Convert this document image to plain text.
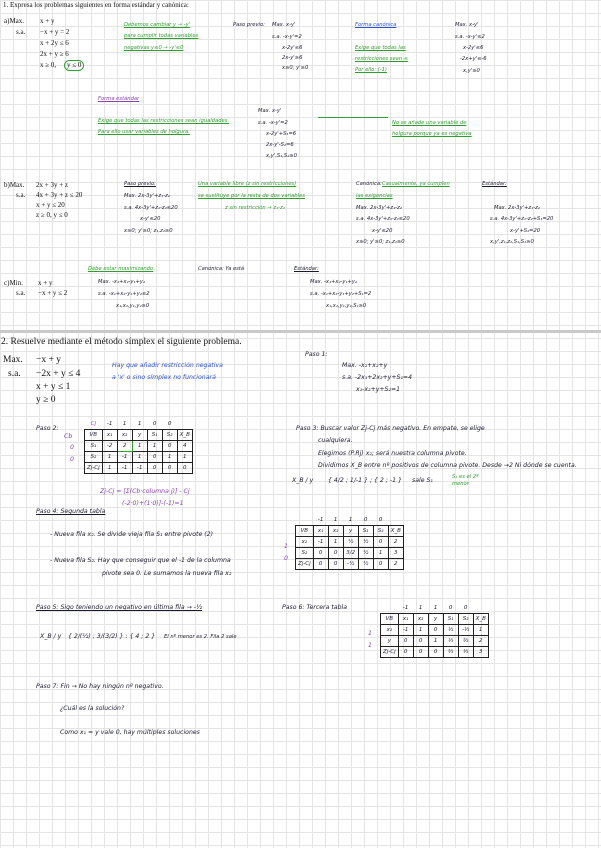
1. Expresa los problemas siguientes en forma estándar y canónica:
a)Max. x + y
s.a. −x + y = 2
x + 2y ≤ 6
2x + y ≥ 6
x ≥ 0,	y ≤ 0
Debemos cambiar y → -y'
para cumplir todas variables
negativas y≤0 → -y'≤0
Paso previo: Max. x-y'
s.a. -x-y'=2
x-2y'≤6
2x-y'≥6
x≥0; y'≥0
Forma canónica
Exige que todas las
restricciones sean ≤
Por ello: (-1)
Max. x-y'
s.a. -x-y'≤2
x-2y'≤6
-2x+y'≤-6
x,y'≥0
Forma estándar
Exige que todas las restricciones sean igualdades.
Para ello usar variables de holgura.
Max. x-y'
s.a. -x-y'=2
x-2y'+S₁=6
2x-y'-S₂=6
x,y',S₁,S₂≥0
No se añade una variable de
holgura porque ya es negativa
b)Max. 2x + 3y + z
s.a. 4x + 3y + z ≤ 20
x + y ≤ 20
z ≥ 0, y ≤ 0
Paso previo:
Max. 2x-3y'+z₁-z₂
s.a. 4x-3y'+z₁-z₂≤20
x-y'≤20
x≥0; y'≥0; z₁,z₂≥0
Una variable libre (z sin restricciones)
se sustituye por la resta de dos variables
z sin restricción → z₁-z₂
Canónica: Casualmente, ya cumplen
las exigencias
Max. 2x-3y'+z₁-z₂
s.a. 4x-3y'+z₁-z₂≤20
x-y'≤20
x≥0; y'≥0; z₁,z₂≥0
Estándar:
Max. 2x-3y'+z₁-z₂
s.a. 4x-3y'+z₁-z₂+S₁=20
x-y'+S₂=20
x,y',z₁,z₂,S₁,S₂≥0
c)Min. x + y
s.a. −x + y ≤ 2
Debe estar maximizando
Max. -x₁+x₂-y₁+y₂
s.a. -x₁+x₂-y₁+y₂≤2
x₁,x₂,y₁,y₂≥0
Canónica: Ya está	Estándar:
Max. -x₁+x₂-y₁+y₂
s.a. -x₁+x₂-y₁+y₂+S₁=2
x₁,x₂,y₁,y₂,S₁≥0
2. Resuelve mediante el método símplex el siguiente problema.
Max. −x + y
s.a. −2x + y ≤ 4
x + y ≤ 1
y ≥ 0
Hay que añadir restricción negativa
a 'x' o sino símplex no funcionará
Paso 1:
Max. -x₁+x₂+y
s.a. -2x₁+2x₂+y+S₁=4
x₁-x₂+y+S₂=1
Paso 2:
Cb
Cj	-1	1	1	0	0	
VB	x₁	x₂	y	S₁	S₂	X_B
S₁	-2	2	1	1	0	4
S₂	1	-1	1	0	1	1
Zj-Cj	1	-1	-1	0	0	0
0
0
Zj-Cj = [Σ(Cb·columna j)] - Cj
(-2·0)+(1·0)]-(-1)=1
Paso 3: Buscar valor Zj-Cj más negativo. En empate, se elige
cualquiera.
Elegimos (P.Rj) x₂; será nuestra columna pivote.
Dividimos X_B entre nº positivos de columna pivote. Desde →2 Ni dónde se cuenta.
X_B / y { 4/2 ; 1/-1 } ; { 2 ; -1 } sale S₁	S₁ es el 2ª menor
Paso 4: Segunda tabla
- Nueva fila x₂. Se divide vieja fila S₁ entre pivote (2)
- Nueva fila S₂. Hay que conseguir que el -1 de la columna
pivote sea 0. Le sumamos la nueva fila x₂
	-1	1	1	0	0	
VB	x₁	x₂	y	S₁	S₂	X_B
x₂	-1	1	½	½	0	2
S₂	0	0	3/2	½	1	3
Zj-Cj	0	0	-½	½	0	2
1
0
Paso 5: Sigo teniendo un negativo en última fila → -½
X_B / y { 2/(½) ; 3/(3/2) } : { 4 ; 2 } El nº menor es 2. Fila 2 sale
Paso 6: Tercera tabla
		-1	1	1	0	0	
VB	x₁	x₂	y	S₁	S₂	X_B
x₂	-1	1	0	⅓	-⅓	1
y	0	0	1	⅓	⅔	2
Zj-Cj	0	0	0	⅔	⅓	3
1
1
Paso 7: Fin → No hay ningún nº negativo.
¿Cuál es la solución?
Como x₁ = y vale 0, hay múltiples soluciones
